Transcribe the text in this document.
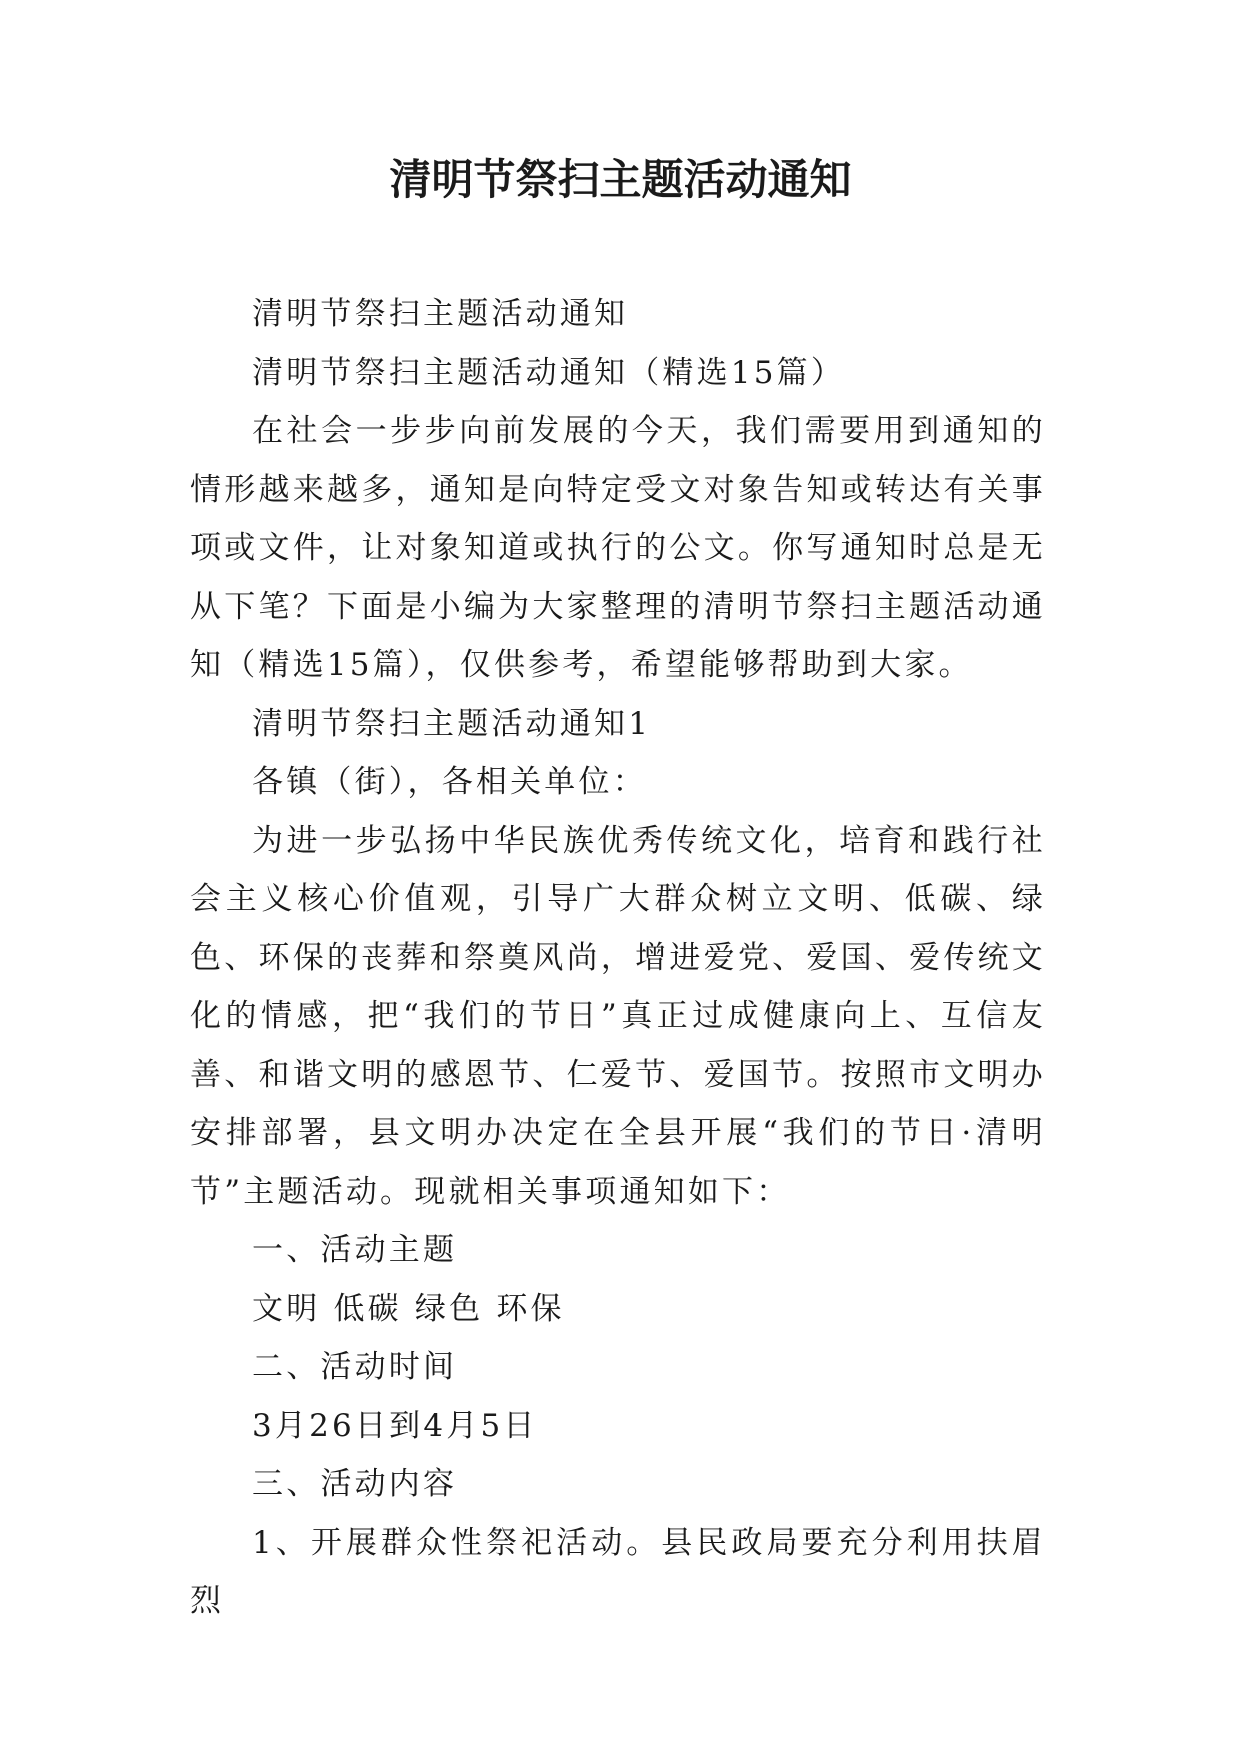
清明节祭扫主题活动通知

清明节祭扫主题活动通知

清明节祭扫主题活动通知（精选15篇）

在社会一步步向前发展的今天，我们需要用到通知的情形越来越多，通知是向特定受文对象告知或转达有关事项或文件，让对象知道或执行的公文。你写通知时总是无从下笔？下面是小编为大家整理的清明节祭扫主题活动通知（精选15篇），仅供参考，希望能够帮助到大家。

清明节祭扫主题活动通知1

各镇（街），各相关单位：

为进一步弘扬中华民族优秀传统文化，培育和践行社会主义核心价值观，引导广大群众树立文明、低碳、绿色、环保的丧葬和祭奠风尚，增进爱党、爱国、爱传统文化的情感，把“我们的节日”真正过成健康向上、互信友善、和谐文明的感恩节、仁爱节、爱国节。按照市文明办安排部署，县文明办决定在全县开展“我们的节日·清明节”主题活动。现就相关事项通知如下：

一、活动主题

文明 低碳 绿色 环保

二、活动时间

3月26日到4月5日

三、活动内容

1、开展群众性祭祀活动。县民政局要充分利用扶眉烈
